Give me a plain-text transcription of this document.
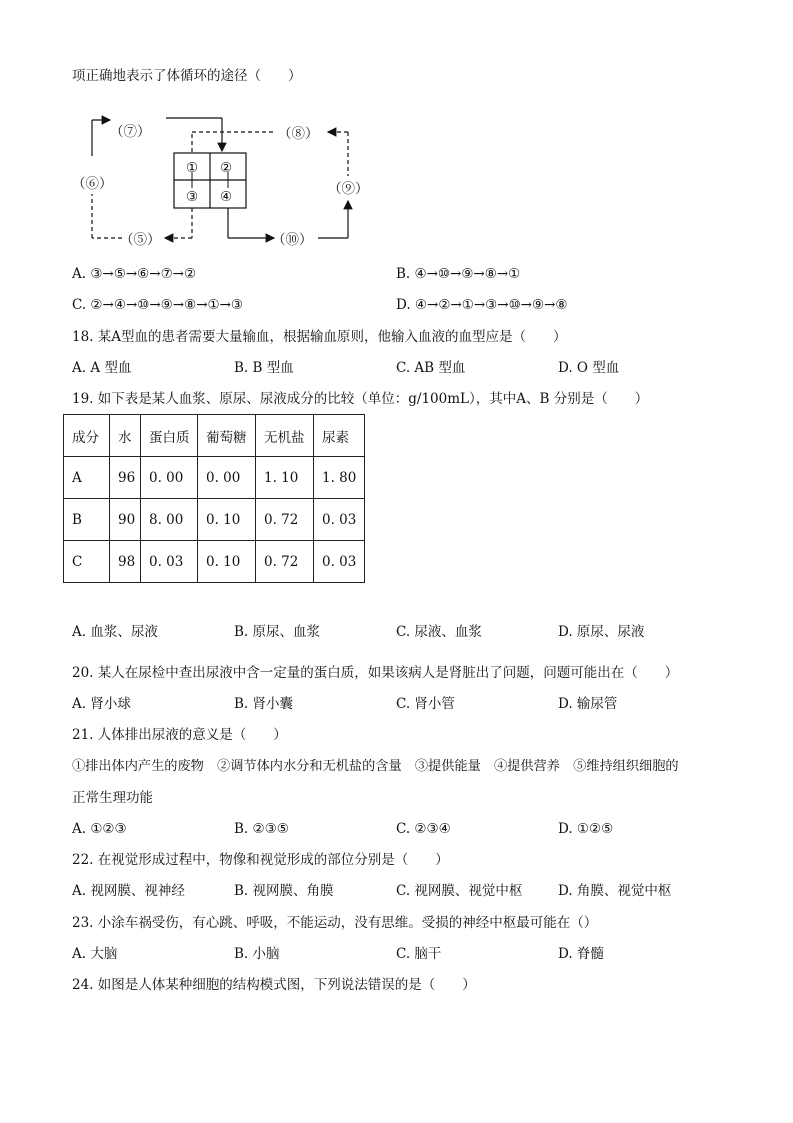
项正确地表示了体循环的途径（　　）
① ②
③ ④
（⑦）	（⑧）
（⑨）
（⑩）
（⑤）
（⑥）
A. ③→⑤→⑥→⑦→②	B. ④→⑩→⑨→⑧→①
C. ②→④→⑩→⑨→⑧→①→③	D. ④→②→①→③→⑩→⑨→⑧
18. 某A型血的患者需要大量输血，根据输血原则，他输入血液的血型应是（　　）
A. A 型血	B. B 型血	C. AB 型血	D. O 型血
19. 如下表是某人血浆、原尿、尿液成分的比较（单位：g/100mL），其中A、B 分别是（　　）
成分	水	蛋白质	葡萄糖	无机盐	尿素
A	96	0. 00	0. 00	1. 10	1. 80
B	90	8. 00	0. 10	0. 72	0. 03
C	98	0. 03	0. 10	0. 72	0. 03
A. 血浆、尿液	B. 原尿、血浆	C. 尿液、血浆	D. 原尿、尿液
20. 某人在尿检中查出尿液中含一定量的蛋白质，如果该病人是肾脏出了问题，问题可能出在（　　）
A. 肾小球	B. 肾小囊	C. 肾小管	D. 输尿管
21. 人体排出尿液的意义是（　　）
①排出体内产生的废物　②调节体内水分和无机盐的含量　③提供能量　④提供营养　⑤维持组织细胞的
正常生理功能
A. ①②③	B. ②③⑤	C. ②③④	D. ①②⑤
22. 在视觉形成过程中，物像和视觉形成的部位分别是（　　）
A. 视网膜、视神经	B. 视网膜、角膜	C. 视网膜、视觉中枢	D. 角膜、视觉中枢
23. 小涂车祸受伤，有心跳、呼吸，不能运动，没有思维。受损的神经中枢最可能在（）
A. 大脑	B. 小脑	C. 脑干	D. 脊髓
24. 如图是人体某种细胞的结构模式图，下列说法错误的是（　　）
